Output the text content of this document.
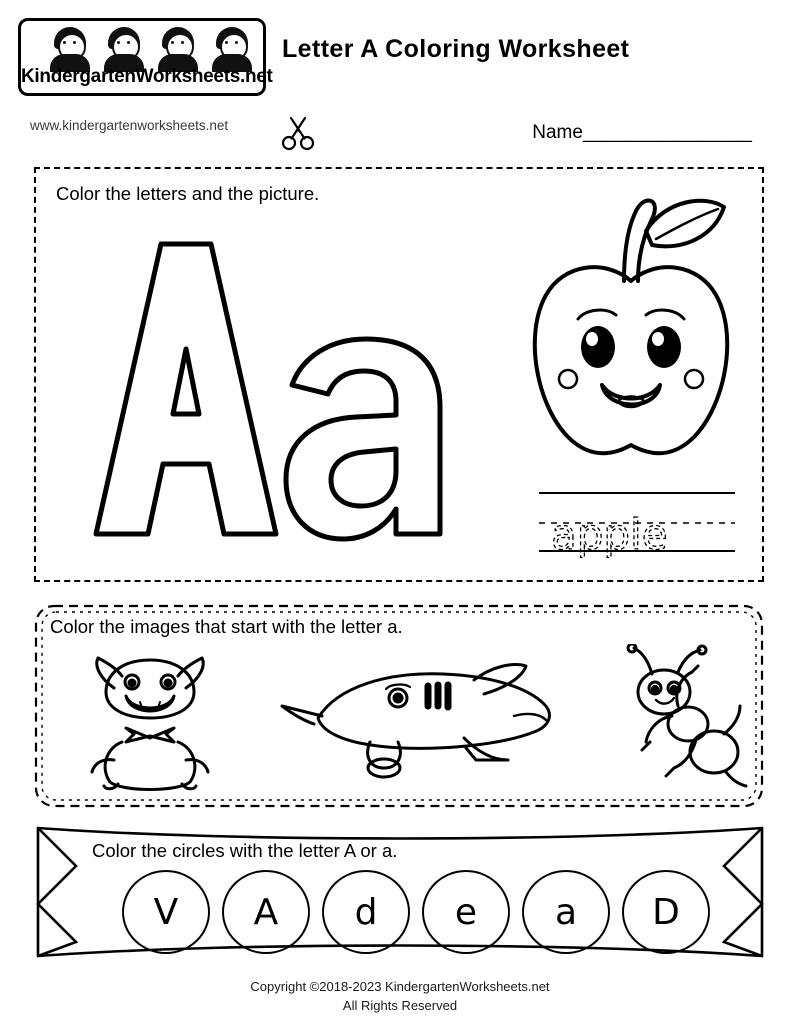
KindergartenWorksheets.net
www.kindergartenworksheets.net
Letter A Coloring Worksheet
Name________________
Color the letters and the picture.
apple
Color the images that start with the letter a.
Color the circles with the letter A or a.
V	A	d	e	a	D
Copyright ©2018-2023 KindergartenWorksheets.net
All Rights Reserved
